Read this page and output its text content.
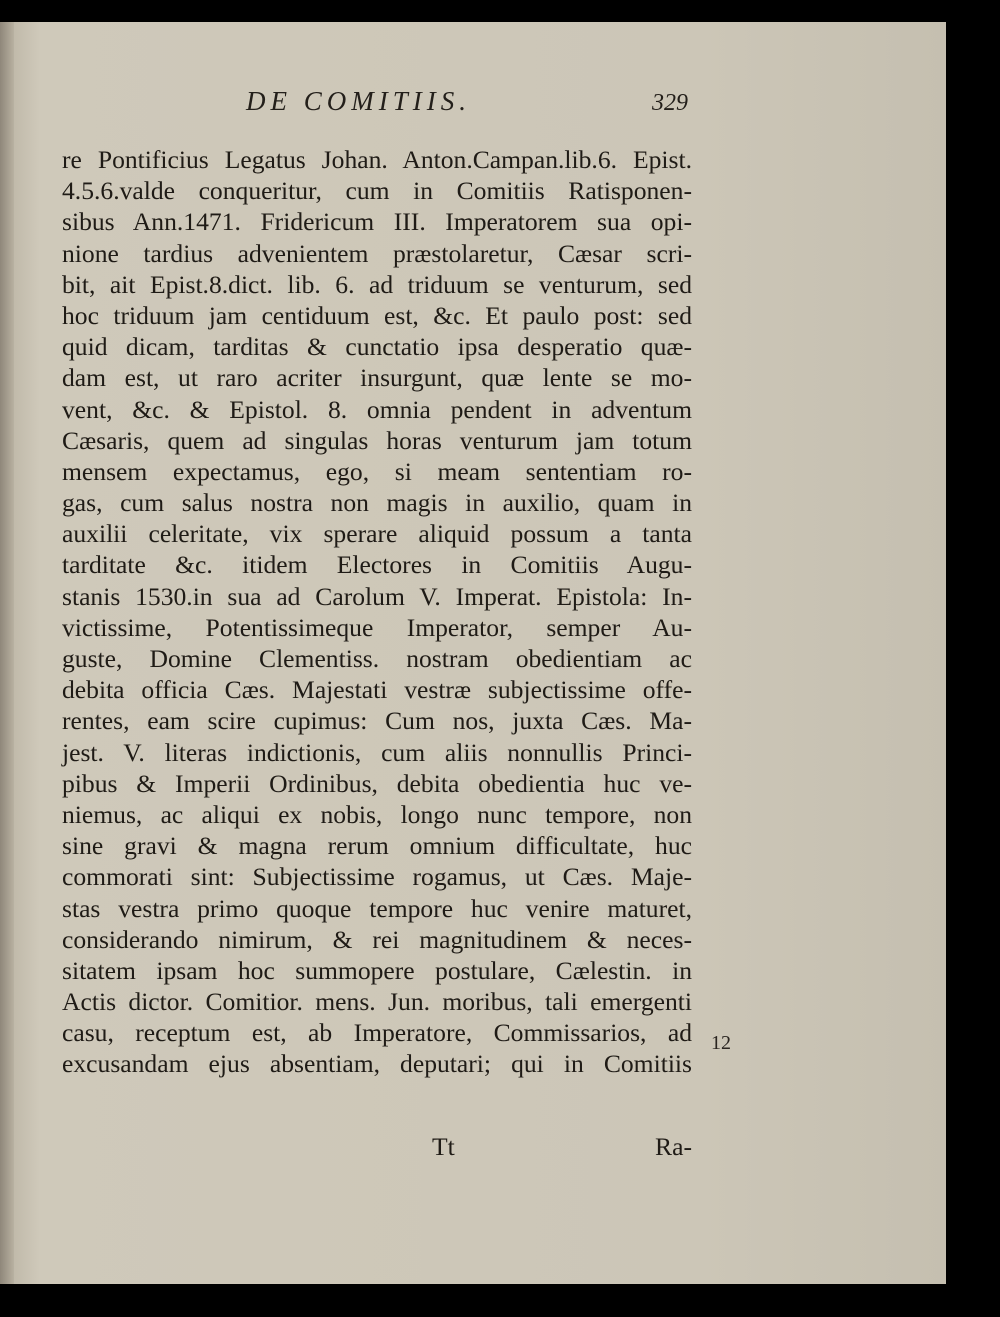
DE COMITIIS.	329
re Pontificius Legatus Johan. Anton.Campan.lib.6. Epist.
4.5.6.valde conqueritur, cum in Comitiis Ratisponen-
sibus Ann.1471. Fridericum III. Imperatorem sua opi-
nione tardius advenientem præstolaretur, Cæsar scri-
bit, ait Epist.8.dict. lib. 6. ad triduum se venturum, sed
hoc triduum jam centiduum est, &c. Et paulo post: sed
quid dicam, tarditas & cunctatio ipsa desperatio quæ-
dam est, ut raro acriter insurgunt, quæ lente se mo-
vent, &c. & Epistol. 8. omnia pendent in adventum
Cæsaris, quem ad singulas horas venturum jam totum
mensem expectamus, ego, si meam sententiam ro-
gas, cum salus nostra non magis in auxilio, quam in
auxilii celeritate, vix sperare aliquid possum a tanta
tarditate &c. itidem Electores in Comitiis Augu-
stanis 1530.in sua ad Carolum V. Imperat. Epistola: In-
victissime, Potentissimeque Imperator, semper Au-
guste, Domine Clementiss. nostram obedientiam ac
debita officia Cæs. Majestati vestræ subjectissime offe-
rentes, eam scire cupimus: Cum nos, juxta Cæs. Ma-
jest. V. literas indictionis, cum aliis nonnullis Princi-
pibus & Imperii Ordinibus, debita obedientia huc ve-
niemus, ac aliqui ex nobis, longo nunc tempore, non
sine gravi & magna rerum omnium difficultate, huc
commorati sint: Subjectissime rogamus, ut Cæs. Maje-
stas vestra primo quoque tempore huc venire maturet,
considerando nimirum, & rei magnitudinem & neces-
sitatem ipsam hoc summopere postulare, Cælestin. in
Actis dictor. Comitior. mens. Jun. moribus, tali emergenti
casu, receptum est, ab Imperatore, Commissarios, ad
excusandam ejus absentiam, deputari; qui in Comitiis
12
Tt	Ra-
